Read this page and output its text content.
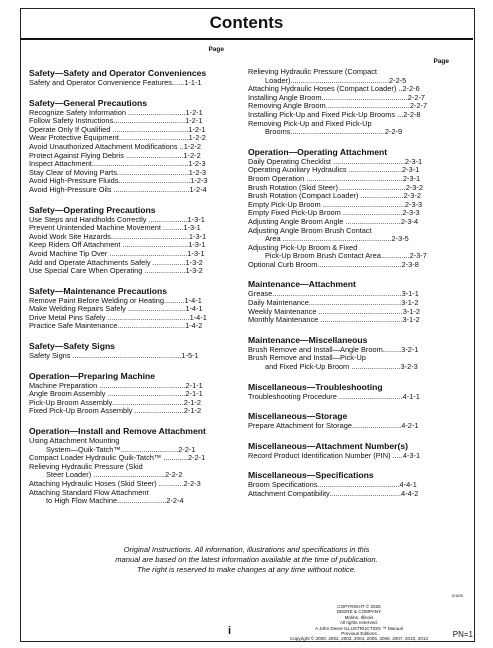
Contents
Page
Safety—Safety and Operator Conveniences
Safety and Operator Convenience Features......1-1-1
Safety—General Precautions
Recognize Safety Information ............................1-2-1
Follow Safety Instructions...................................1-2-1
Operate Only If Qualified .....................................1-2-1
Wear Protective Equipment..................................1-2-2
Avoid Unauthorized Attachment Modifications ..1-2-2
Protect Against Flying Debris ............................1-2-2
Inspect Attachment...............................................1-2-3
Stay Clear of Moving Parts...................................1-2-3
Avoid High-Pressure Fluids...................................1-2-3
Avoid High-Pressure Oils .....................................1-2-4
Safety—Operating Precautions
Use Steps and Handholds Correctly ...................1-3-1
Prevent Unintended Machine Movement ..........1-3-1
Avoid Work Site Hazards......................................1-3-1
Keep Riders Off Attachment ................................1-3-1
Avoid Machine Tip Over ......................................1-3-1
Add and Operate Attachments Safely ................1-3-2
Use Special Care When Operating ....................1-3-2
Safety—Maintenance Precautions
Remove Paint Before Welding or Heating..........1-4-1
Make Welding Repairs Safely ............................1-4-1
Drive Metal Pins Safely ........................................1-4-1
Practice Safe Maintenance.................................1-4-2
Safety—Safety Signs
Safety Signs .....................................................1-5-1
Operation—Preparing Machine
Machine Preparation ..........................................2-1-1
Angle Broom Assembly ......................................2-1-1
Pick-Up Broom Assembly...................................2-1-2
Fixed Pick-Up Broom Assembly ........................2-1-2
Operation—Install and Remove Attachment
Using Attachment Mounting
System—Quik-Tatch™............................2-2-1
Compact Loader Hydraulic Quik-Tatch™ ............2-2-1
Relieving Hydraulic Pressure (Skid
Steer Loader) ...................................2-2-2
Attaching Hydraulic Hoses (Skid Steer) ............2-2-3
Attaching Standard Flow Attachment
to High Flow Machine........................2-2-4
Page
Relieving Hydraulic Pressure (Compact
Loader)................................................2-2-5
Attaching Hydraulic Hoses (Compact Loader) ..2-2-6
Installing Angle Broom..........................................2-2-7
Removing Angle Broom.........................................2-2-7
Installing Pick-Up and Fixed Pick-Up Brooms ...2-2-8
Removing Pick-Up and Fixed Pick-Up
Brooms..............................................2-2-9
Operation—Operating Attachment
Daily Operating Checklist ...................................2-3-1
Operating Auxiliary Hydraulics ..........................2-3-1
Broom Operation ...............................................2-3-1
Brush Rotation (Skid Steer).................................2-3-2
Brush Rotation (Compact Loader) .....................2-3-2
Empty Pick-Up Broom ........................................2-3-3
Empty Fixed Pick-Up Broom .............................2-3-3
Adjusting Angle Broom Angle ...........................2-3-4
Adjusting Angle Broom Brush Contact
Area .....................................................2-3-5
Adjusting Pick-Up Broom & Fixed
Pick-Up Broom Brush Contact Area..............2-3-7
Optional Curb Broom.........................................2-3-8
Maintenance—Attachment
Grease...............................................................3-1-1
Daily Maintenance.............................................3-1-2
Weekly Maintenance .........................................3-1-2
Monthly Maintenance ........................................3-1-2
Maintenance—Miscellaneous
Brush Remove and Install—Angle Broom.........3-2-1
Brush Remove and Install—Pick-Up
and Fixed Pick-Up Broom ........................3-2-3
Miscellaneous—Troubleshooting
Troubleshooting Procedure ...............................4-1-1
Miscellaneous—Storage
Prepare Attachment for Storage........................4-2-1
Miscellaneous—Attachment Number(s)
Record Product Identification Number (PIN) .....4-3-1
Miscellaneous—Specifications
Broom Specifications........................................4-4-1
Attachment Compatibility...................................4-4-2
Original Instructions. All information, illustrations and specifications in this
manual are based on the latest information available at the time of publication.
The right is reserved to make changes at any time without notice.
101625
COPYRIGHT © 2025
DEERE & COMPANY
Moline, Illinois
All rights reserved.
A John Deere ILLUSTRUCTION ™ Manual
Previous Editions
Copyright © 2000, 2002, 2003, 2004, 2005, 2006, 2007, 2010, 2013
i	PN=1
